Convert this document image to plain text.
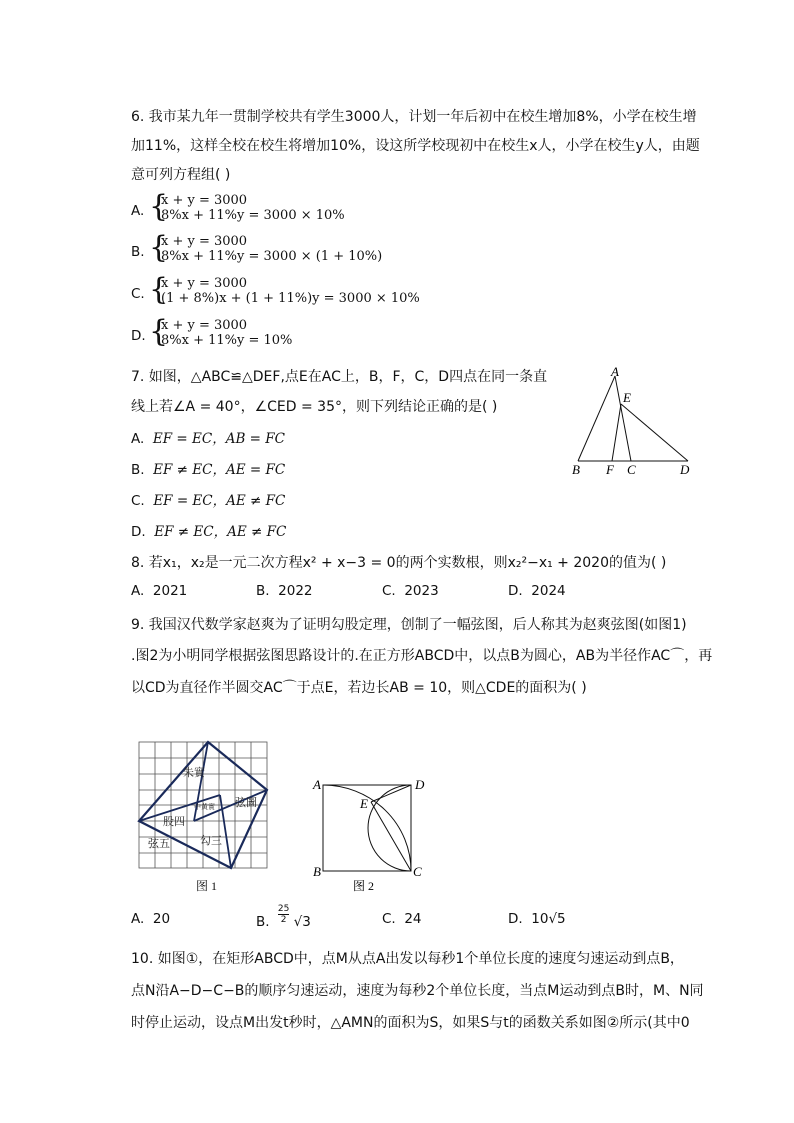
6. 我市某九年一贯制学校共有学生3000人，计划一年后初中在校生增加8%，小学在校生增
加11%，这样全校在校生将增加10%，设这所学校现初中在校生x人，小学在校生y人，由题
意可列方程组( )
A. {
x + y = 3000
8%x + 11%y = 3000 × 10%
B. {
x + y = 3000
8%x + 11%y = 3000 × (1 + 10%)
C. {
x + y = 3000
(1 + 8%)x + (1 + 11%)y = 3000 × 10%
D. {
x + y = 3000
8%x + 11%y = 10%
7. 如图，△ABC≌△DEF,点E在AC上，B，F，C，D四点在同一条直
线上若∠A = 40°，∠CED = 35°，则下列结论正确的是( )
A. EF = EC，AB = FC
B. EF ≠ EC，AE = FC
C. EF = EC，AE ≠ FC
D. EF ≠ EC，AE ≠ FC
A
E
B F C	D
8. 若x₁，x₂是一元二次方程x² + x−3 = 0的两个实数根，则x₂²−x₁ + 2020的值为( )
A. 2021	B. 2022	C. 2023	D. 2024
9. 我国汉代数学家赵爽为了证明勾股定理，创制了一幅弦图，后人称其为赵爽弦图(如图1)
.图2为小明同学根据弦图思路设计的.在正方形ABCD中，以点B为圆心，AB为半径作AC⌒，再
以CD为直径作半圆交AC⌒于点E，若边长AB = 10，则△CDE的面积为( )
朱實
中黄實 弦圖
股四
弦五	勾三
图 1
A	D
E
B	C
图 2
A. 20	B. $\frac{25}{2} √3$	C. 24	D. 10√5
10. 如图①，在矩形ABCD中，点M从点A出发以每秒1个单位长度的速度匀速运动到点B，
点N沿A−D−C−B的顺序匀速运动，速度为每秒2个单位长度，当点M运动到点B时，M、N同
时停止运动，设点M出发t秒时，△AMN的面积为S，如果S与t的函数关系如图②所示(其中0
